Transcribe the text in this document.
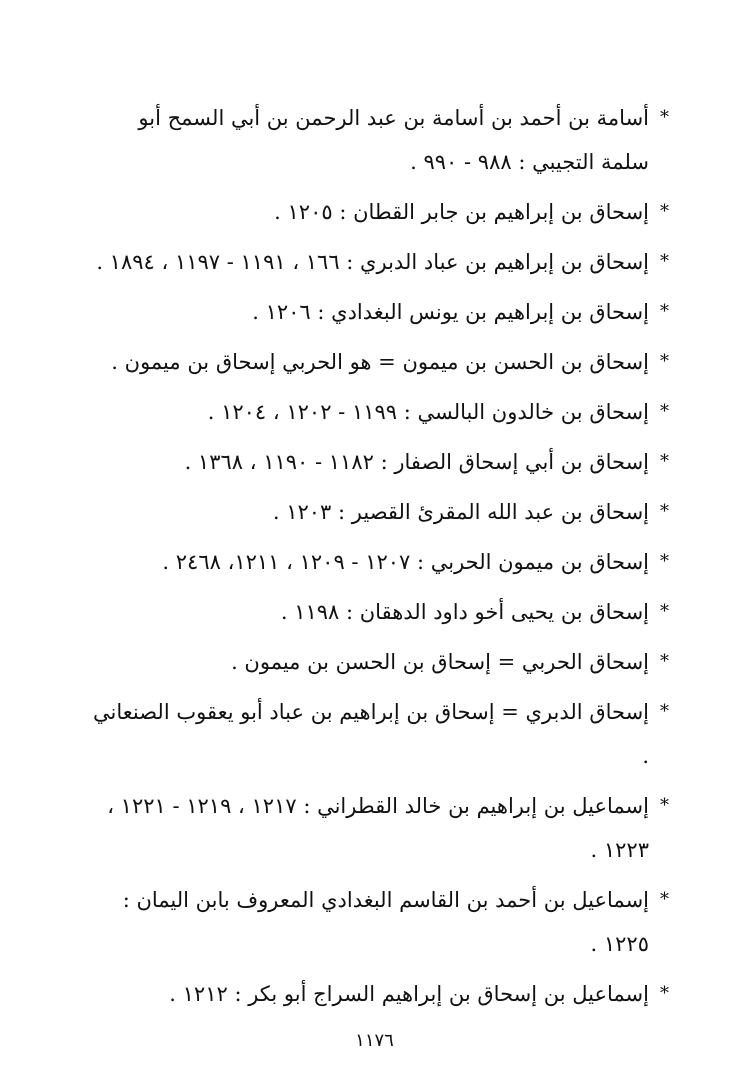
*
أسامة بن أحمد بن أسامة بن عبد الرحمن بن أبي السمح أبو سلمة التجيبي : ٩٨٨ - ٩٩٠ .
*
إسحاق بن إبراهيم بن جابر القطان : ١٢٠٥ .
*
إسحاق بن إبراهيم بن عباد الدبري : ١٦٦ ، ١١٩١ - ١١٩٧ ، ١٨٩٤ .
*
إسحاق بن إبراهيم بن يونس البغدادي : ١٢٠٦ .
*
إسحاق بن الحسن بن ميمون = هو الحربي إسحاق بن ميمون .
*
إسحاق بن خالدون البالسي : ١١٩٩ - ١٢٠٢ ، ١٢٠٤ .
*
إسحاق بن أبي إسحاق الصفار : ١١٨٢ - ١١٩٠ ، ١٣٦٨ .
*
إسحاق بن عبد الله المقرئ القصير : ١٢٠٣ .
*
إسحاق بن ميمون الحربي : ١٢٠٧ - ١٢٠٩ ، ١٢١١، ٢٤٦٨ .
*
إسحاق بن يحيى أخو داود الدهقان : ١١٩٨ .
*
إسحاق الحربي = إسحاق بن الحسن بن ميمون .
*
إسحاق الدبري = إسحاق بن إبراهيم بن عباد أبو يعقوب الصنعاني .
*
إسماعيل بن إبراهيم بن خالد القطراني : ١٢١٧ ، ١٢١٩ - ١٢٢١ ، ١٢٢٣ .
*
إسماعيل بن أحمد بن القاسم البغدادي المعروف بابن اليمان : ١٢٢٥ .
*
إسماعيل بن إسحاق بن إبراهيم السراج أبو بكر : ١٢١٢ .
١١٧٦
